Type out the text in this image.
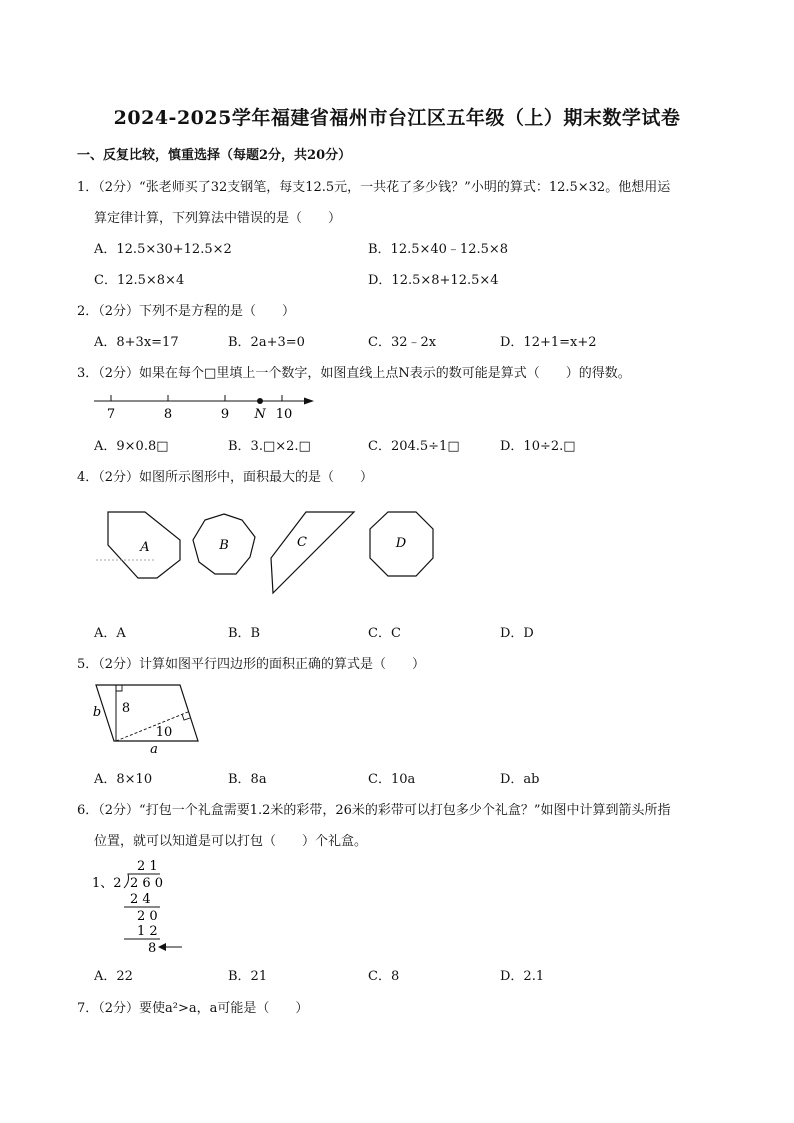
2024-2025学年福建省福州市台江区五年级（上）期末数学试卷
一、反复比较，慎重选择（每题2分，共20分）
1．（2分）“张老师买了32支钢笔，每支12.5元，一共花了多少钱？”小明的算式：12.5×32。他想用运
算定律计算，下列算法中错误的是（　　）
A．12.5×30+12.5×2	B．12.5×40﹣12.5×8
C．12.5×8×4	D．12.5×8+12.5×4
2．（2分）下列不是方程的是（　　）
A．8+3x=17	B．2a+3=0	C．32﹣2x	D．12+1=x+2
3．（2分）如果在每个□里填上一个数字，如图直线上点N表示的数可能是算式（　　）的得数。
7	8	9 N 10
A．9×0.8□	B．3.□×2.□	C．204.5÷1□	D．10÷2.□
4．（2分）如图所示图形中，面积最大的是（　　）
A	B	C	D
A．A	B．B	C．C	D．D
5．（2分）计算如图平行四边形的面积正确的算式是（　　）
b 8
10
a
A．8×10	B．8a	C．10a	D．ab
6．（2分）“打包一个礼盒需要1.2米的彩带，26米的彩带可以打包多少个礼盒？”如图中计算到箭头所指
位置，就可以知道是可以打包（　　）个礼盒。
2 1
1、2 2 6 0
2 4
2 0
1 2
8
A．22	B．21	C．8	D．2.1
7．（2分）要使a²>a，a可能是（　　）
